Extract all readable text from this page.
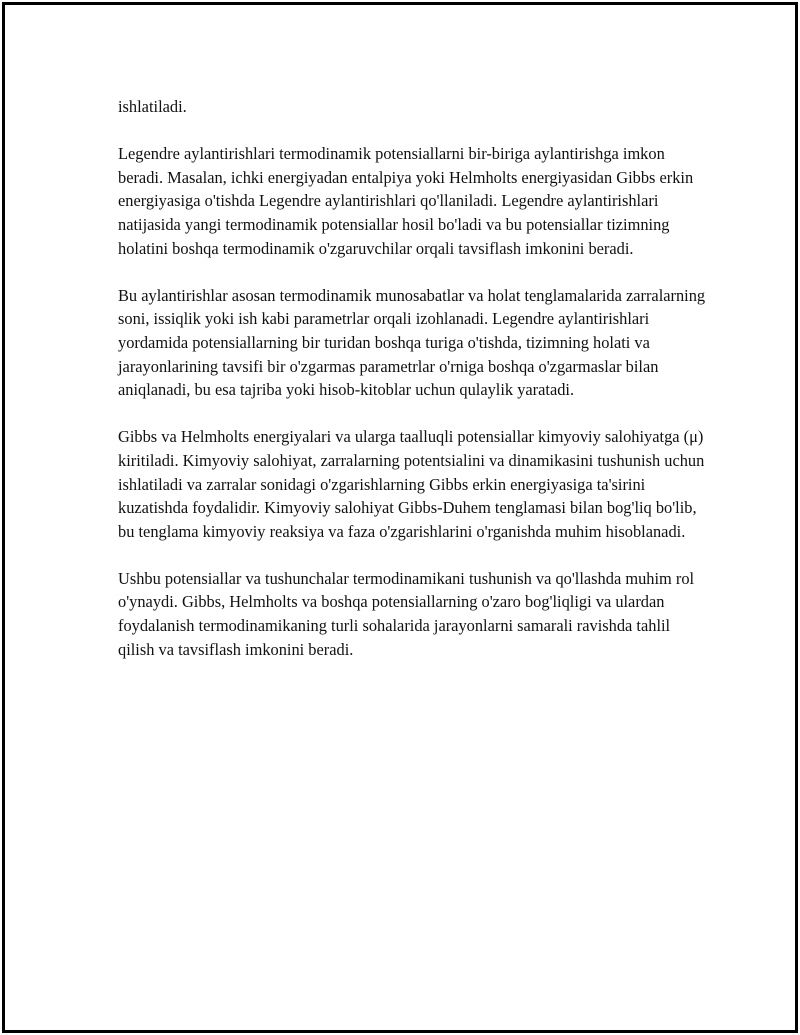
ishlatiladi.

Legendre aylantirishlari termodinamik potensiallarni bir-biriga aylantirishga imkon beradi. Masalan, ichki energiyadan entalpiya yoki Helmholts energiyasidan Gibbs erkin energiyasiga o'tishda Legendre aylantirishlari qo'llaniladi. Legendre aylantirishlari natijasida yangi termodinamik potensiallar hosil bo'ladi va bu potensiallar tizimning holatini boshqa termodinamik o'zgaruvchilar orqali tavsiflash imkonini beradi.

Bu aylantirishlar asosan termodinamik munosabatlar va holat tenglamalarida zarralarning soni, issiqlik yoki ish kabi parametrlar orqali izohlanadi. Legendre aylantirishlari yordamida potensiallarning bir turidan boshqa turiga o'tishda, tizimning holati va jarayonlarining tavsifi bir o'zgarmas parametrlar o'rniga boshqa o'zgarmaslar bilan aniqlanadi, bu esa tajriba yoki hisob-kitoblar uchun qulaylik yaratadi.

Gibbs va Helmholts energiyalari va ularga taalluqli potensiallar kimyoviy salohiyatga (μ) kiritiladi. Kimyoviy salohiyat, zarralarning potentsialini va dinamikasini tushunish uchun ishlatiladi va zarralar sonidagi o'zgarishlarning Gibbs erkin energiyasiga ta'sirini kuzatishda foydalidir. Kimyoviy salohiyat Gibbs-Duhem tenglamasi bilan bog'liq bo'lib, bu tenglama kimyoviy reaksiya va faza o'zgarishlarini o'rganishda muhim hisoblanadi.

Ushbu potensiallar va tushunchalar termodinamikani tushunish va qo'llashda muhim rol o'ynaydi. Gibbs, Helmholts va boshqa potensiallarning o'zaro bog'liqligi va ulardan foydalanish termodinamikaning turli sohalarida jarayonlarni samarali ravishda tahlil qilish va tavsiflash imkonini beradi.
